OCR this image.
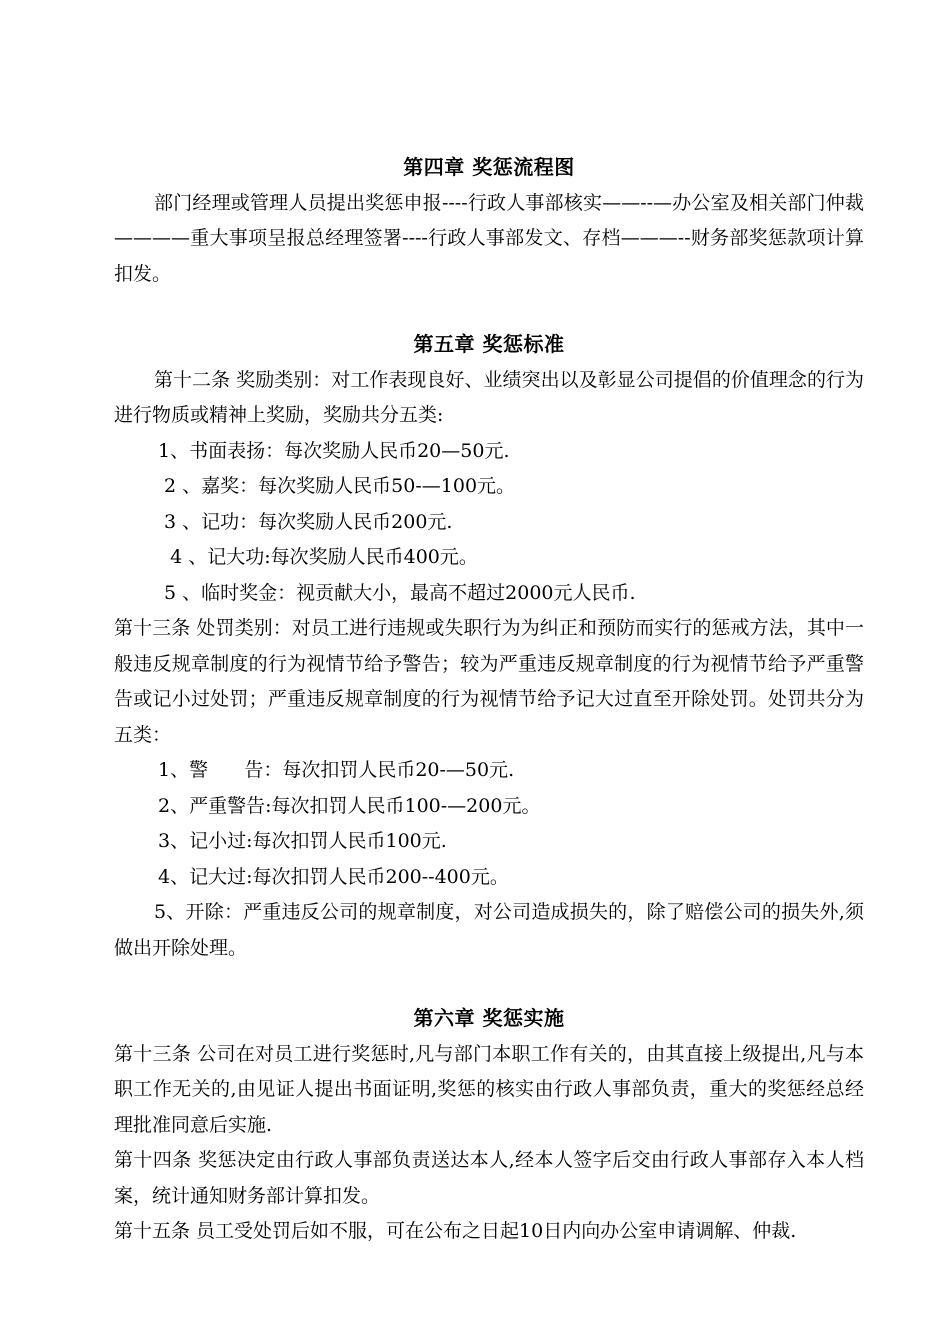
第四章 奖惩流程图

部门经理或管理人员提出奖惩申报----行政人事部核实——--—办公室及相关部门仲裁————重大事项呈报总经理签署----行政人事部发文、存档———--财务部奖惩款项计算扣发。

第五章 奖惩标准

第十二条 奖励类别：对工作表现良好、业绩突出以及彰显公司提倡的价值理念的行为进行物质或精神上奖励，奖励共分五类:

1、书面表扬：每次奖励人民币20—50元.

2 、嘉奖：每次奖励人民币50-—100元。

3 、记功：每次奖励人民币200元.

4 、记大功:每次奖励人民币400元。

5 、临时奖金：视贡献大小，最高不超过2000元人民币.

第十三条 处罚类别：对员工进行违规或失职行为为纠正和预防而实行的惩戒方法，其中一般违反规章制度的行为视情节给予警告；较为严重违反规章制度的行为视情节给予严重警告或记小过处罚；严重违反规章制度的行为视情节给予记大过直至开除处罚。处罚共分为五类：

1、警      告：每次扣罚人民币20-—50元.

2、严重警告:每次扣罚人民币100-—200元。

3、记小过:每次扣罚人民币100元.

4、记大过:每次扣罚人民币200--400元。

5、开除：严重违反公司的规章制度，对公司造成损失的，除了赔偿公司的损失外,须做出开除处理。

第六章 奖惩实施

第十三条 公司在对员工进行奖惩时,凡与部门本职工作有关的，由其直接上级提出,凡与本职工作无关的,由见证人提出书面证明,奖惩的核实由行政人事部负责，重大的奖惩经总经理批准同意后实施.

第十四条 奖惩决定由行政人事部负责送达本人,经本人签字后交由行政人事部存入本人档案，统计通知财务部计算扣发。

第十五条 员工受处罚后如不服，可在公布之日起10日内向办公室申请调解、仲裁.
